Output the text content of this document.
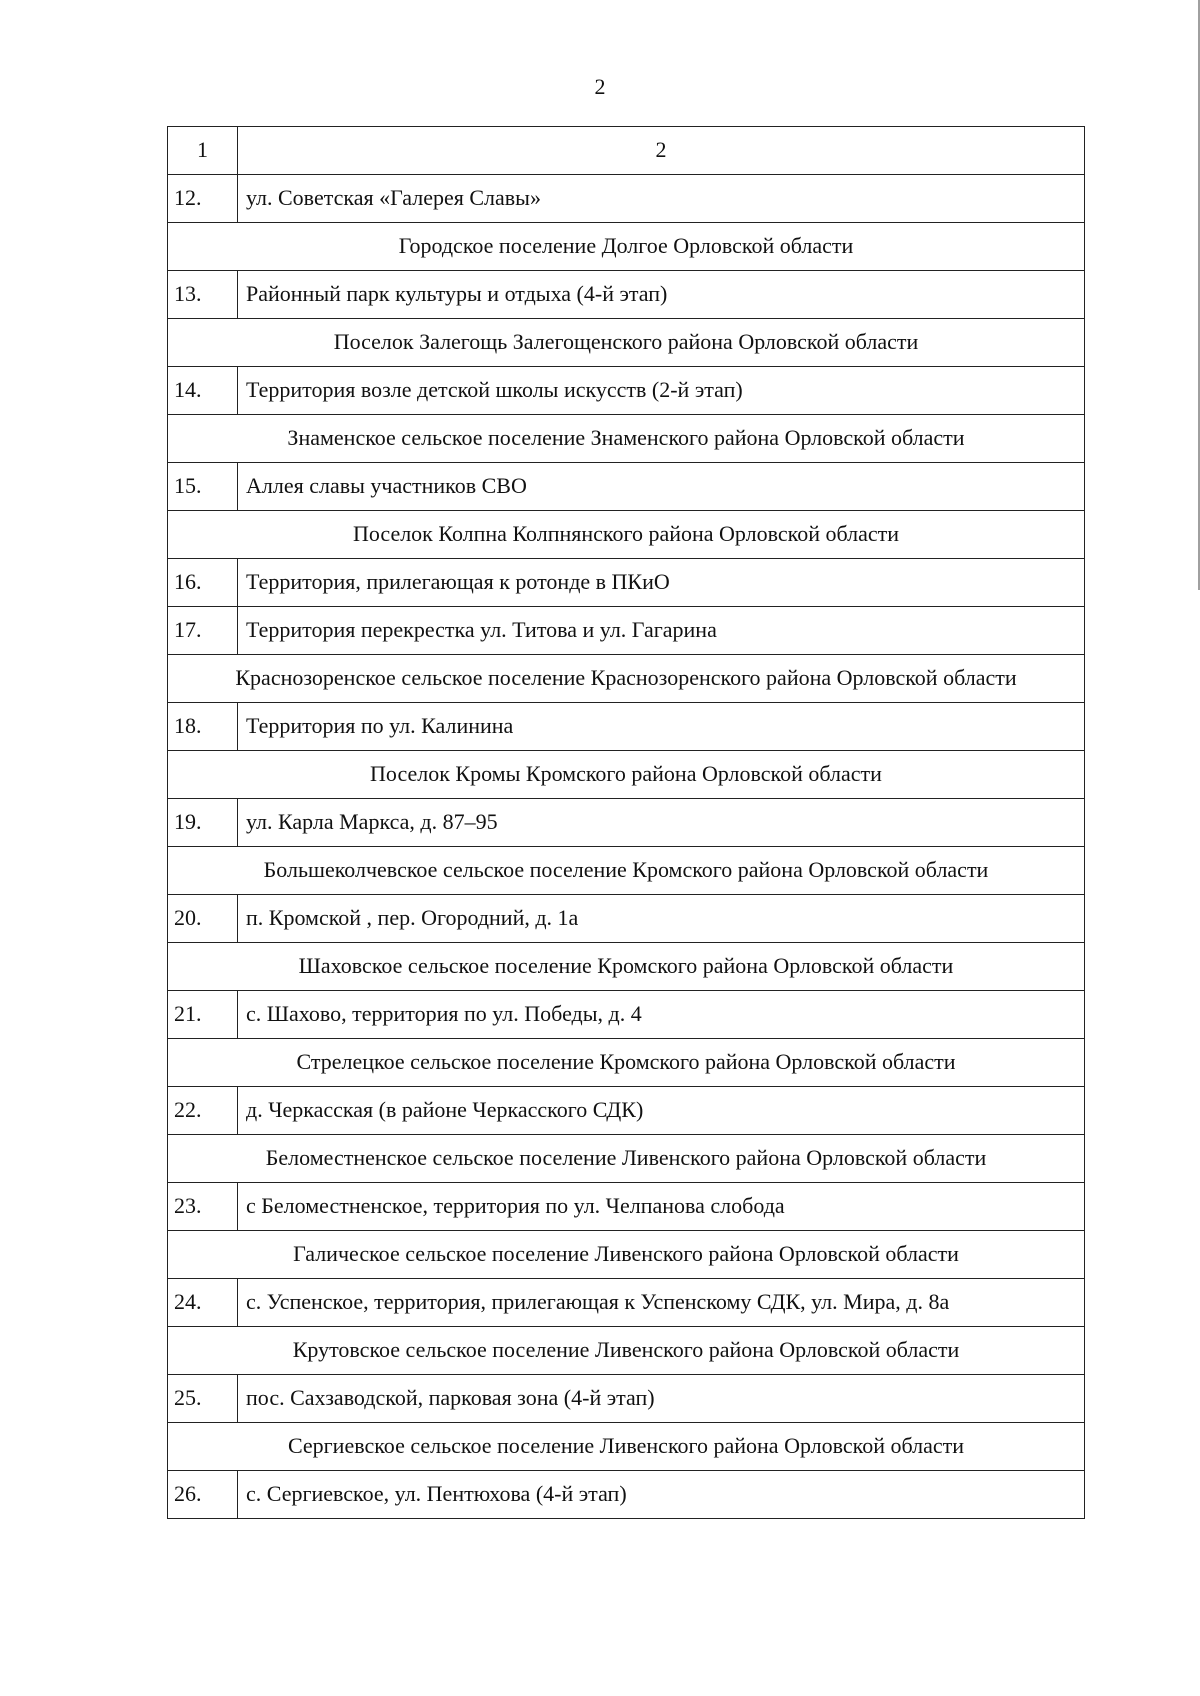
2
1	2
12.	ул. Советская «Галерея Славы»
Городское поселение Долгое Орловской области	
13.	Районный парк культуры и отдыха (4-й этап)
Поселок Залегощь Залегощенского района Орловской области	
14.	Территория возле детской школы искусств (2-й этап)
Знаменское сельское поселение Знаменского района Орловской области	
15.	Аллея славы участников СВО
Поселок Колпна Колпнянского района Орловской области	
16.	Территория, прилегающая к ротонде в ПКиО
17.	Территория перекрестка ул. Титова и ул. Гагарина
Краснозоренское сельское поселение Краснозоренского района Орловской области	
18.	Территория по ул. Калинина
Поселок Кромы Кромского района Орловской области	
19.	ул. Карла Маркса, д. 87–95
Большеколчевское сельское поселение Кромского района Орловской области	
20.	п. Кромской , пер. Огородний, д. 1а
Шаховское сельское поселение Кромского района Орловской области	
21.	с. Шахово, территория по ул. Победы, д. 4
Стрелецкое сельское поселение Кромского района Орловской области	
22.	д. Черкасская (в районе Черкасского СДК)
Беломестненское сельское поселение Ливенского района Орловской области	
23.	с Беломестненское, территория по ул. Челпанова слобода
Галическое сельское поселение Ливенского района Орловской области	
24.	с. Успенское, территория, прилегающая к Успенскому СДК, ул. Мира, д. 8а
Крутовское сельское поселение Ливенского района Орловской области	
25.	пос. Сахзаводской, парковая зона (4-й этап)
Сергиевское сельское поселение Ливенского района Орловской области	
26.	с. Сергиевское, ул. Пентюхова (4-й этап)
